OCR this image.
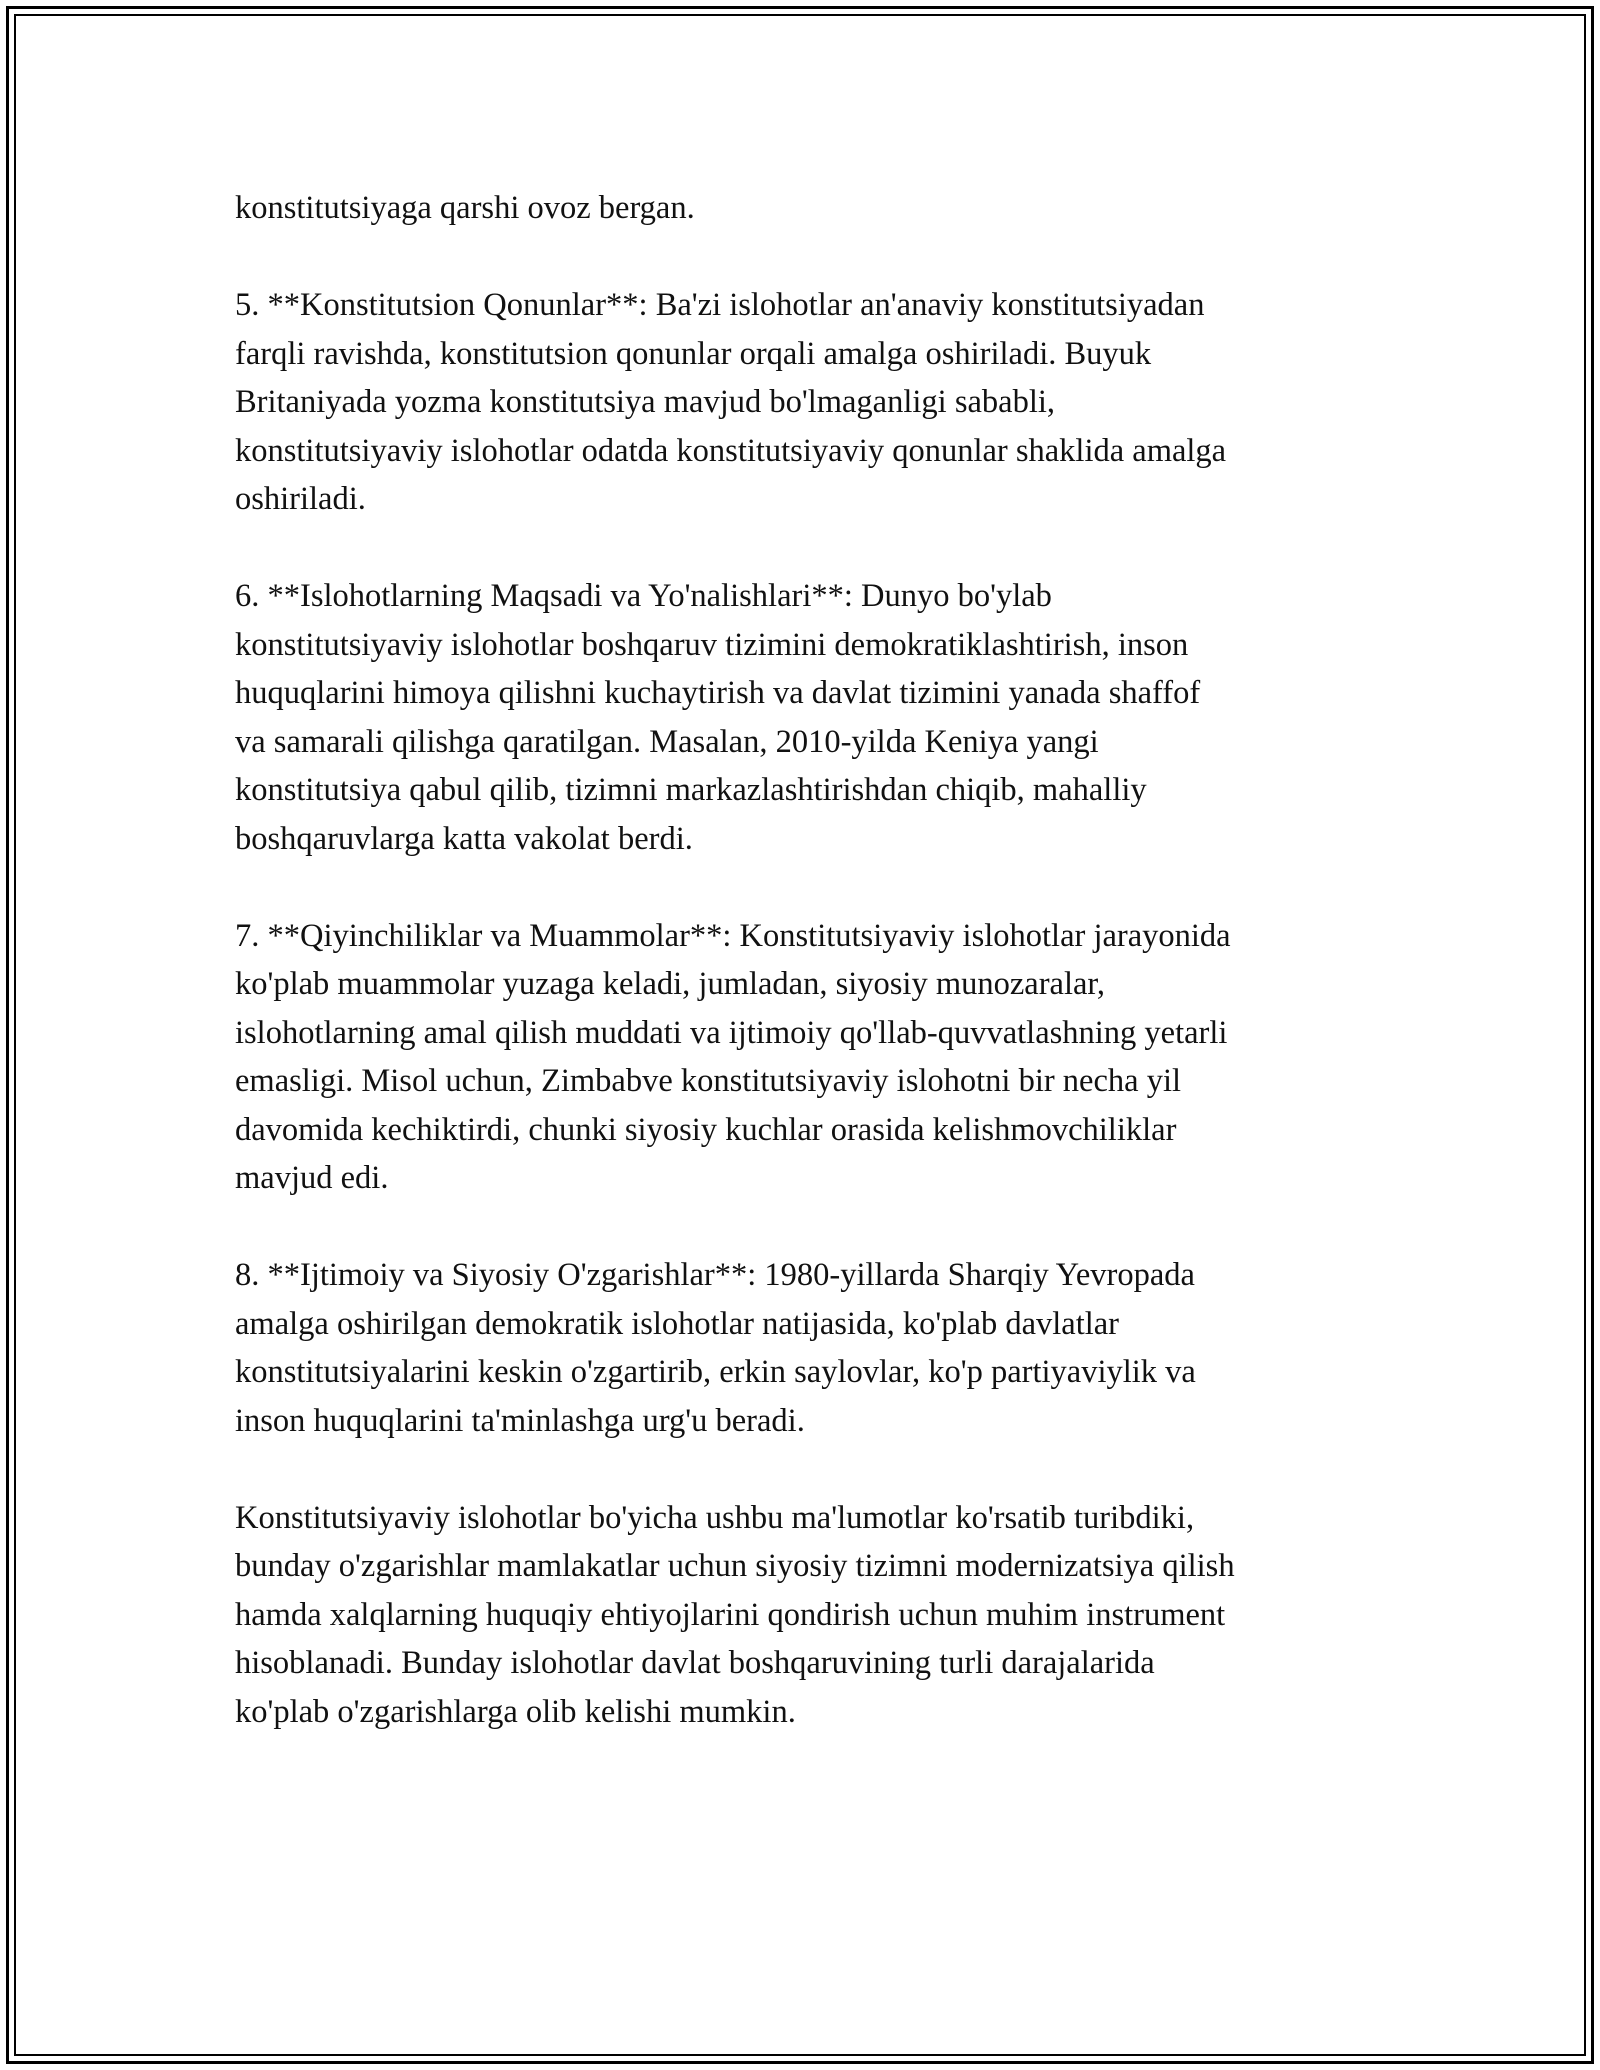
konstitutsiyaga qarshi ovoz bergan.

5. **Konstitutsion Qonunlar**: Ba'zi islohotlar an'anaviy konstitutsiyadan
farqli ravishda, konstitutsion qonunlar orqali amalga oshiriladi. Buyuk
Britaniyada yozma konstitutsiya mavjud bo'lmaganligi sababli,
konstitutsiyaviy islohotlar odatda konstitutsiyaviy qonunlar shaklida amalga
oshiriladi.

6. **Islohotlarning Maqsadi va Yo'nalishlari**: Dunyo bo'ylab
konstitutsiyaviy islohotlar boshqaruv tizimini demokratiklashtirish, inson
huquqlarini himoya qilishni kuchaytirish va davlat tizimini yanada shaffof
va samarali qilishga qaratilgan. Masalan, 2010-yilda Keniya yangi
konstitutsiya qabul qilib, tizimni markazlashtirishdan chiqib, mahalliy
boshqaruvlarga katta vakolat berdi.

7. **Qiyinchiliklar va Muammolar**: Konstitutsiyaviy islohotlar jarayonida
ko'plab muammolar yuzaga keladi, jumladan, siyosiy munozaralar,
islohotlarning amal qilish muddati va ijtimoiy qo'llab-quvvatlashning yetarli
emasligi. Misol uchun, Zimbabve konstitutsiyaviy islohotni bir necha yil
davomida kechiktirdi, chunki siyosiy kuchlar orasida kelishmovchiliklar
mavjud edi.

8. **Ijtimoiy va Siyosiy O'zgarishlar**: 1980-yillarda Sharqiy Yevropada
amalga oshirilgan demokratik islohotlar natijasida, ko'plab davlatlar
konstitutsiyalarini keskin o'zgartirib, erkin saylovlar, ko'p partiyaviylik va
inson huquqlarini ta'minlashga urg'u beradi.

Konstitutsiyaviy islohotlar bo'yicha ushbu ma'lumotlar ko'rsatib turibdiki,
bunday o'zgarishlar mamlakatlar uchun siyosiy tizimni modernizatsiya qilish
hamda xalqlarning huquqiy ehtiyojlarini qondirish uchun muhim instrument
hisoblanadi. Bunday islohotlar davlat boshqaruvining turli darajalarida
ko'plab o'zgarishlarga olib kelishi mumkin.
